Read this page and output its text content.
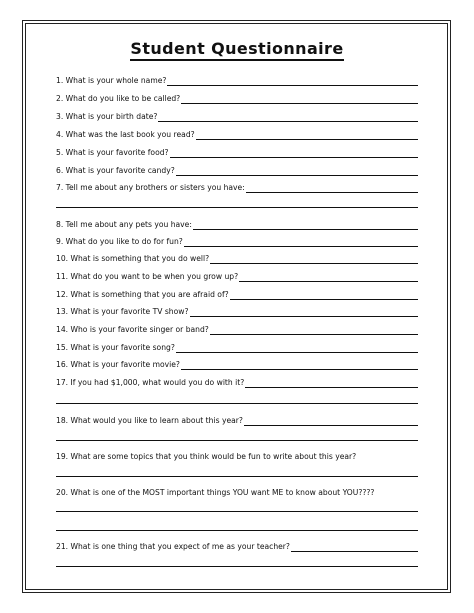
Student Questionnaire
1. What is your whole name?
2. What do you like to be called?
3. What is your birth date?
4. What was the last book you read?
5. What is your favorite food?
6. What is your favorite candy?
7. Tell me about any brothers or sisters you have:
8. Tell me about any pets you have:
9. What do you like to do for fun?
10. What is something that you do well?
11. What do you want to be when you grow up?
12. What is something that you are afraid of?
13. What is your favorite TV show?
14. Who is your favorite singer or band?
15. What is your favorite song?
16. What is your favorite movie?
17. If you had $1,000, what would you do with it?
18. What would you like to learn about this year?
19. What are some topics that you think would be fun to write about this year?
20. What is one of the MOST important things YOU want ME to know about YOU????
21. What is one thing that you expect of me as your teacher?
